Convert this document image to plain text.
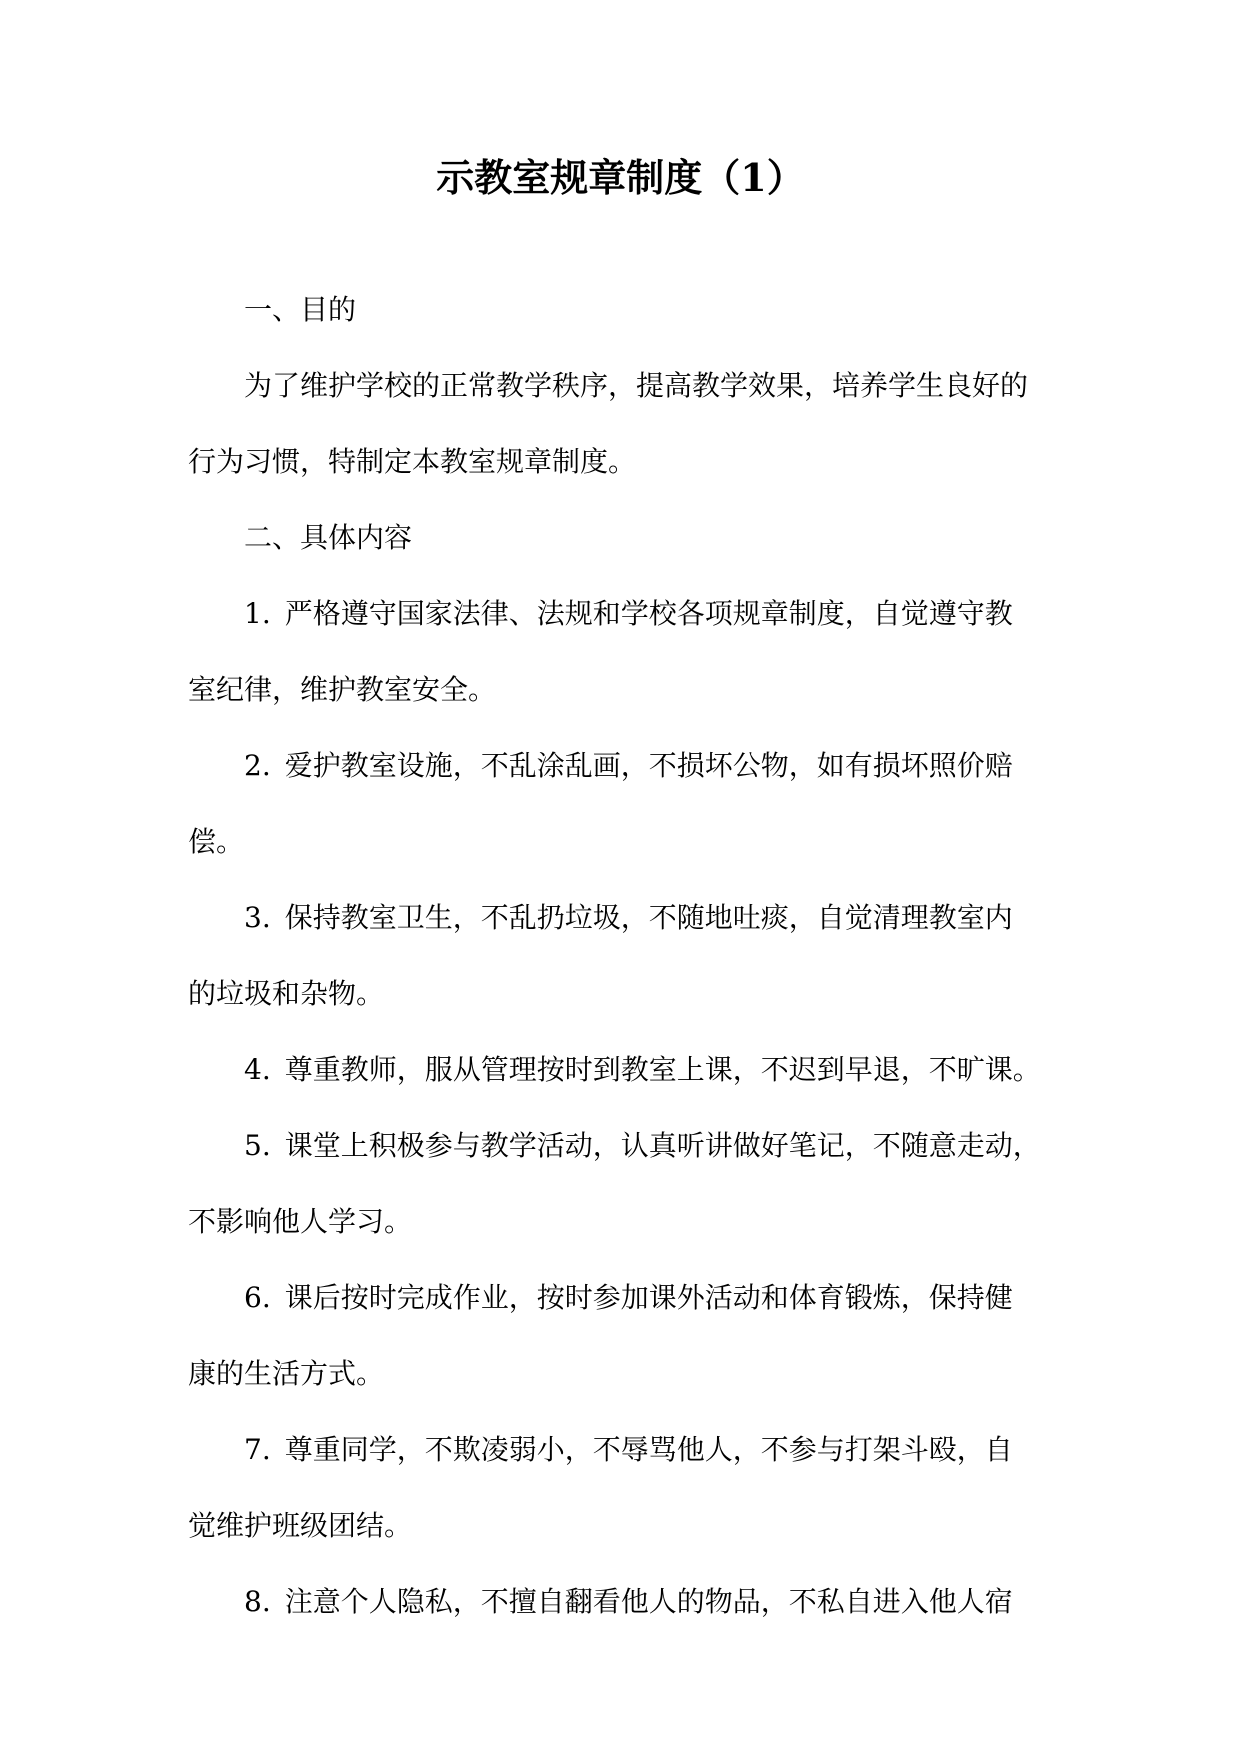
示教室规章制度（1）
一、目的
为了维护学校的正常教学秩序，提高教学效果，培养学生良好的
行为习惯，特制定本教室规章制度。
二、具体内容
1. 严格遵守国家法律、法规和学校各项规章制度，自觉遵守教
室纪律，维护教室安全。
2. 爱护教室设施，不乱涂乱画，不损坏公物，如有损坏照价赔
偿。
3. 保持教室卫生，不乱扔垃圾，不随地吐痰，自觉清理教室内
的垃圾和杂物。
4. 尊重教师，服从管理按时到教室上课，不迟到早退，不旷课。
5. 课堂上积极参与教学活动，认真听讲做好笔记，不随意走动，
不影响他人学习。
6. 课后按时完成作业，按时参加课外活动和体育锻炼，保持健
康的生活方式。
7. 尊重同学，不欺凌弱小，不辱骂他人，不参与打架斗殴，自
觉维护班级团结。
8. 注意个人隐私，不擅自翻看他人的物品，不私自进入他人宿
